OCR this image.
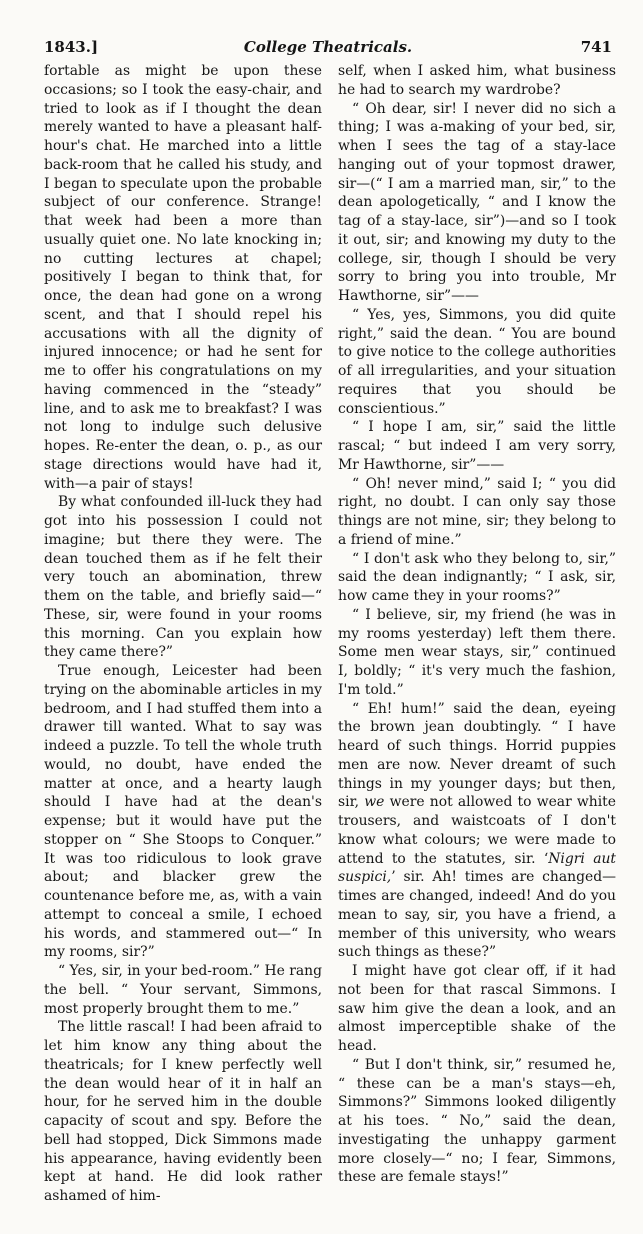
1843.]	College Theatricals.	741

fortable as might be upon these occasions; so I took the easy-chair, and tried to look as if I thought the dean merely wanted to have a pleasant half-hour's chat. He marched into a little back-room that he called his study, and I began to speculate upon the probable subject of our conference. Strange! that week had been a more than usually quiet one. No late knocking in; no cutting lectures at chapel; positively I began to think that, for once, the dean had gone on a wrong scent, and that I should repel his accusations with all the dignity of injured innocence; or had he sent for me to offer his congratulations on my having commenced in the “steady” line, and to ask me to breakfast? I was not long to indulge such delusive hopes. Re-enter the dean, o. p., as our stage directions would have had it, with—a pair of stays!

By what confounded ill-luck they had got into his possession I could not imagine; but there they were. The dean touched them as if he felt their very touch an abomination, threw them on the table, and briefly said—“ These, sir, were found in your rooms this morning. Can you explain how they came there?”

True enough, Leicester had been trying on the abominable articles in my bedroom, and I had stuffed them into a drawer till wanted. What to say was indeed a puzzle. To tell the whole truth would, no doubt, have ended the matter at once, and a hearty laugh should I have had at the dean's expense; but it would have put the stopper on “ She Stoops to Conquer.” It was too ridiculous to look grave about; and blacker grew the countenance before me, as, with a vain attempt to conceal a smile, I echoed his words, and stammered out—“ In my rooms, sir?”

“ Yes, sir, in your bed-room.” He rang the bell. “ Your servant, Simmons, most properly brought them to me.”

The little rascal! I had been afraid to let him know any thing about the theatricals; for I knew perfectly well the dean would hear of it in half an hour, for he served him in the double capacity of scout and spy. Before the bell had stopped, Dick Simmons made his appearance, having evidently been kept at hand. He did look rather ashamed of him-

self, when I asked him, what business he had to search my wardrobe?

“ Oh dear, sir! I never did no sich a thing; I was a-making of your bed, sir, when I sees the tag of a stay-lace hanging out of your topmost drawer, sir—(“ I am a married man, sir,” to the dean apologetically, “ and I know the tag of a stay-lace, sir”)—and so I took it out, sir; and knowing my duty to the college, sir, though I should be very sorry to bring you into trouble, Mr Hawthorne, sir”——

“ Yes, yes, Simmons, you did quite right,” said the dean. “ You are bound to give notice to the college authorities of all irregularities, and your situation requires that you should be conscientious.”

“ I hope I am, sir,” said the little rascal; “ but indeed I am very sorry, Mr Hawthorne, sir”——

“ Oh! never mind,” said I; “ you did right, no doubt. I can only say those things are not mine, sir; they belong to a friend of mine.”

“ I don't ask who they belong to, sir,” said the dean indignantly; “ I ask, sir, how came they in your rooms?”

“ I believe, sir, my friend (he was in my rooms yesterday) left them there. Some men wear stays, sir,” continued I, boldly; “ it's very much the fashion, I'm told.”

“ Eh! hum!” said the dean, eyeing the brown jean doubtingly. “ I have heard of such things. Horrid puppies men are now. Never dreamt of such things in my younger days; but then, sir, we were not allowed to wear white trousers, and waistcoats of I don't know what colours; we were made to attend to the statutes, sir. ‘Nigri aut suspici,’ sir. Ah! times are changed—times are changed, indeed! And do you mean to say, sir, you have a friend, a member of this university, who wears such things as these?”

I might have got clear off, if it had not been for that rascal Simmons. I saw him give the dean a look, and an almost imperceptible shake of the head.

“ But I don't think, sir,” resumed he, “ these can be a man's stays—eh, Simmons?” Simmons looked diligently at his toes. “ No,” said the dean, investigating the unhappy garment more closely—“ no; I fear, Simmons, these are female stays!”
